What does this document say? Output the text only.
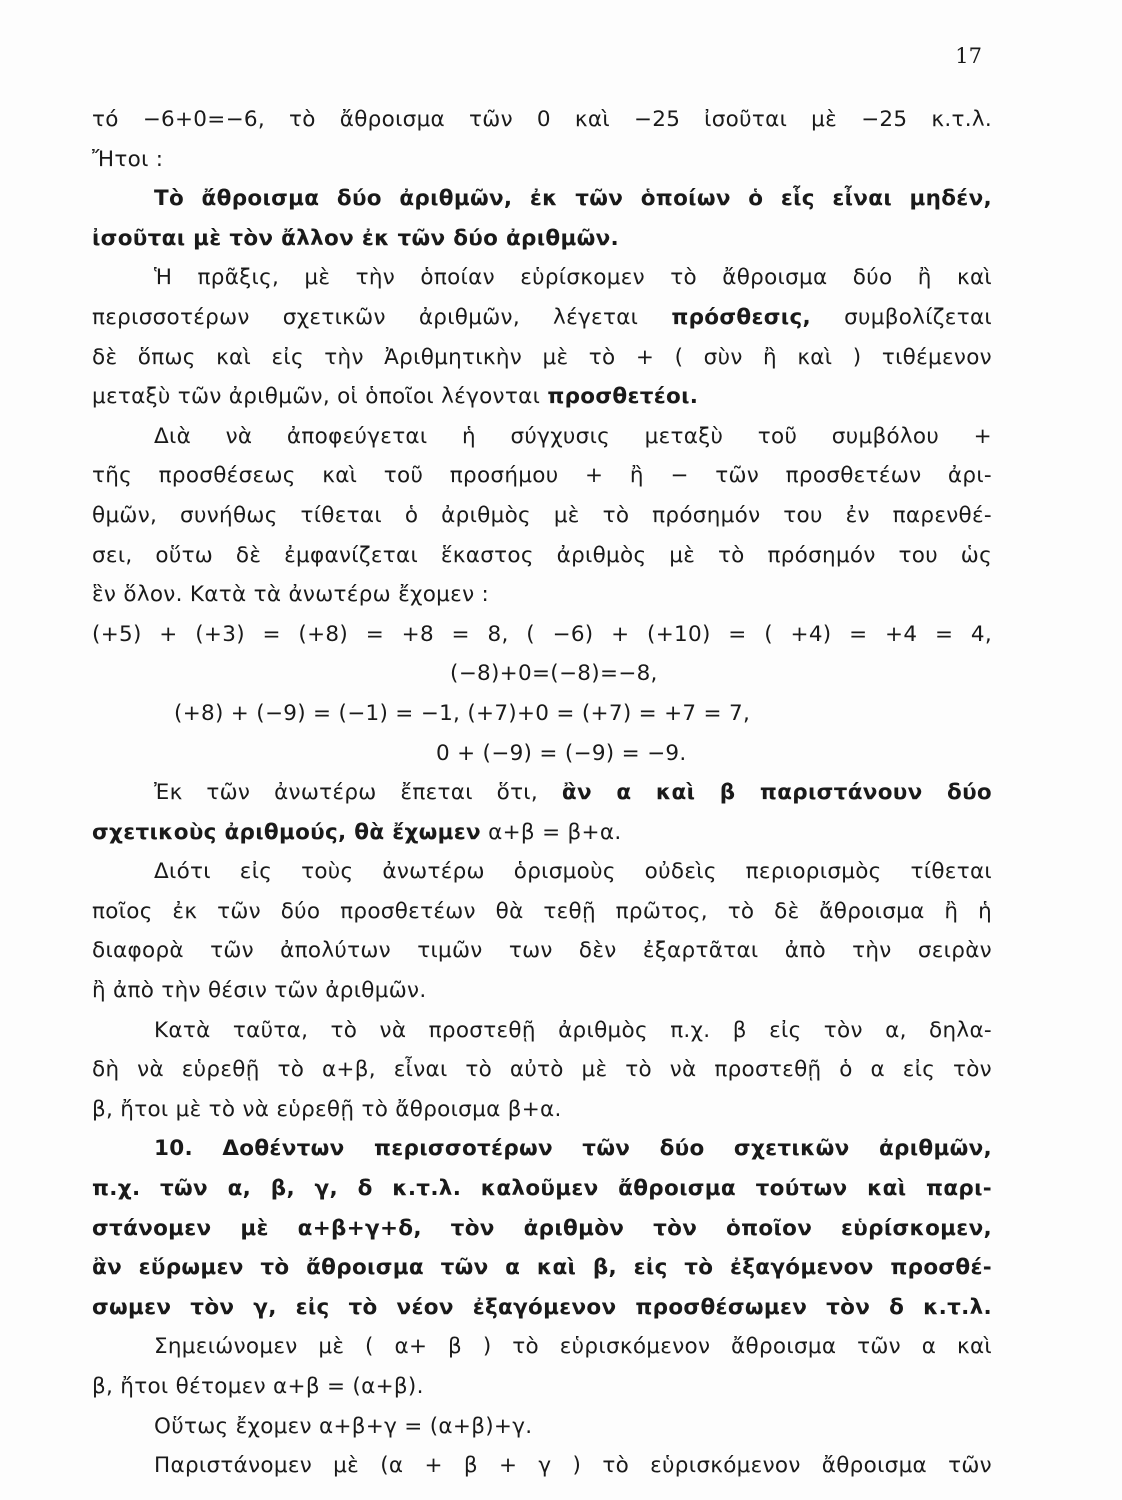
17
τό −6+0=−6, τὸ ἄθροισμα τῶν 0 καὶ −25 ἰσοῦται μὲ −25 κ.τ.λ.
Ἤτοι :
Τὸ ἄθροισμα δύο ἀριθμῶν, ἐκ τῶν ὁποίων ὁ εἷς εἶναι μηδέν,
ἰσοῦται μὲ τὸν ἄλλον ἐκ τῶν δύο ἀριθμῶν.
Ἡ πρᾶξις, μὲ τὴν ὁποίαν εὑρίσκομεν τὸ ἄθροισμα δύο ἢ καὶ
περισσοτέρων σχετικῶν ἀριθμῶν, λέγεται πρόσθεσις, συμβολίζεται
δὲ ὅπως καὶ εἰς τὴν Ἀριθμητικὴν μὲ τὸ + ( σὺν ἢ καὶ ) τιθέμενον
μεταξὺ τῶν ἀριθμῶν, οἱ ὁποῖοι λέγονται προσθετέοι.
Διὰ νὰ ἀποφεύγεται ἡ σύγχυσις μεταξὺ τοῦ συμβόλου +
τῆς προσθέσεως καὶ τοῦ προσήμου + ἢ − τῶν προσθετέων ἀρι-
θμῶν, συνήθως τίθεται ὁ ἀριθμὸς μὲ τὸ πρόσημόν του ἐν παρενθέ-
σει, οὕτω δὲ ἐμφανίζεται ἕκαστος ἀριθμὸς μὲ τὸ πρόσημόν του ὡς
ἓν ὅλον. Κατὰ τὰ ἀνωτέρω ἔχομεν :
(+5) + (+3) = (+8) = +8 = 8, ( −6) + (+10) = ( +4) = +4 = 4,
(−8)+0=(−8)=−8,
(+8) + (−9) = (−1) = −1, (+7)+0 = (+7) = +7 = 7,
0 + (−9) = (−9) = −9.
Ἐκ τῶν ἀνωτέρω ἔπεται ὅτι, ἂν α καὶ β παριστάνουν δύο
σχετικοὺς ἀριθμούς, θὰ ἔχωμεν α+β = β+α.
Διότι εἰς τοὺς ἀνωτέρω ὁρισμοὺς οὐδεὶς περιορισμὸς τίθεται
ποῖος ἐκ τῶν δύο προσθετέων θὰ τεθῇ πρῶτος, τὸ δὲ ἄθροισμα ἢ ἡ
διαφορὰ τῶν ἀπολύτων τιμῶν των δὲν ἐξαρτᾶται ἀπὸ τὴν σειρὰν
ἢ ἀπὸ τὴν θέσιν τῶν ἀριθμῶν.
Κατὰ ταῦτα, τὸ νὰ προστεθῇ ἀριθμὸς π.χ. β εἰς τὸν α, δηλα-
δὴ νὰ εὑρεθῇ τὸ α+β, εἶναι τὸ αὐτὸ μὲ τὸ νὰ προστεθῇ ὁ α εἰς τὸν
β, ἤτοι μὲ τὸ νὰ εὑρεθῇ τὸ ἄθροισμα β+α.
10. Δοθέντων περισσοτέρων τῶν δύο σχετικῶν ἀριθμῶν,
π.χ. τῶν α, β, γ, δ κ.τ.λ. καλοῦμεν ἄθροισμα τούτων καὶ παρι-
στάνομεν μὲ α+β+γ+δ, τὸν ἀριθμὸν τὸν ὁποῖον εὑρίσκομεν,
ἂν εὕρωμεν τὸ ἄθροισμα τῶν α καὶ β, εἰς τὸ ἐξαγόμενον προσθέ-
σωμεν τὸν γ, εἰς τὸ νέον ἐξαγόμενον προσθέσωμεν τὸν δ κ.τ.λ.
Σημειώνομεν μὲ ( α+ β ) τὸ εὑρισκόμενον ἄθροισμα τῶν α καὶ
β, ἤτοι θέτομεν α+β = (α+β).
Οὕτως ἔχομεν α+β+γ = (α+β)+γ.
Παριστάνομεν μὲ (α + β + γ ) τὸ εὑρισκόμενον ἄθροισμα τῶν
